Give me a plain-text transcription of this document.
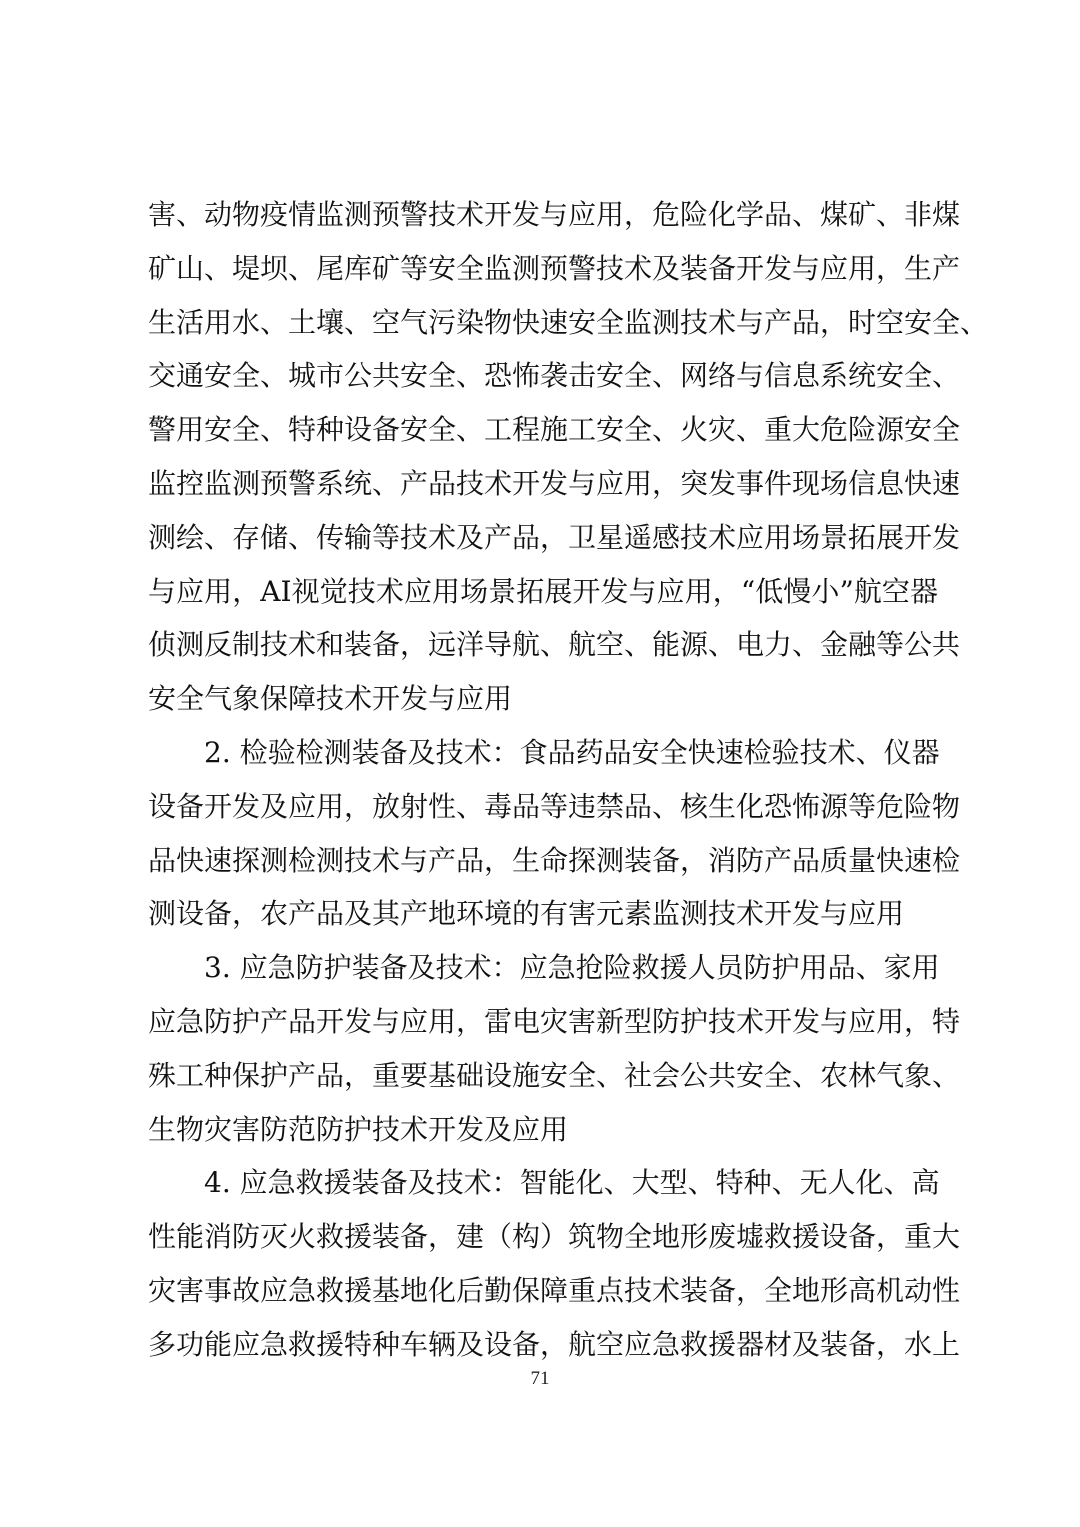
害、动物疫情监测预警技术开发与应用，危险化学品、煤矿、非煤
矿山、堤坝、尾库矿等安全监测预警技术及装备开发与应用，生产
生活用水、土壤、空气污染物快速安全监测技术与产品，时空安全、
交通安全、城市公共安全、恐怖袭击安全、网络与信息系统安全、
警用安全、特种设备安全、工程施工安全、火灾、重大危险源安全
监控监测预警系统、产品技术开发与应用，突发事件现场信息快速
测绘、存储、传输等技术及产品，卫星遥感技术应用场景拓展开发
与应用，AI视觉技术应用场景拓展开发与应用，“低慢小”航空器
侦测反制技术和装备，远洋导航、航空、能源、电力、金融等公共
安全气象保障技术开发与应用
2. 检验检测装备及技术：食品药品安全快速检验技术、仪器
设备开发及应用，放射性、毒品等违禁品、核生化恐怖源等危险物
品快速探测检测技术与产品，生命探测装备，消防产品质量快速检
测设备，农产品及其产地环境的有害元素监测技术开发与应用
3. 应急防护装备及技术：应急抢险救援人员防护用品、家用
应急防护产品开发与应用，雷电灾害新型防护技术开发与应用，特
殊工种保护产品，重要基础设施安全、社会公共安全、农林气象、
生物灾害防范防护技术开发及应用
4. 应急救援装备及技术：智能化、大型、特种、无人化、高
性能消防灭火救援装备，建（构）筑物全地形废墟救援设备，重大
灾害事故应急救援基地化后勤保障重点技术装备，全地形高机动性
多功能应急救援特种车辆及设备，航空应急救援器材及装备，水上
71
